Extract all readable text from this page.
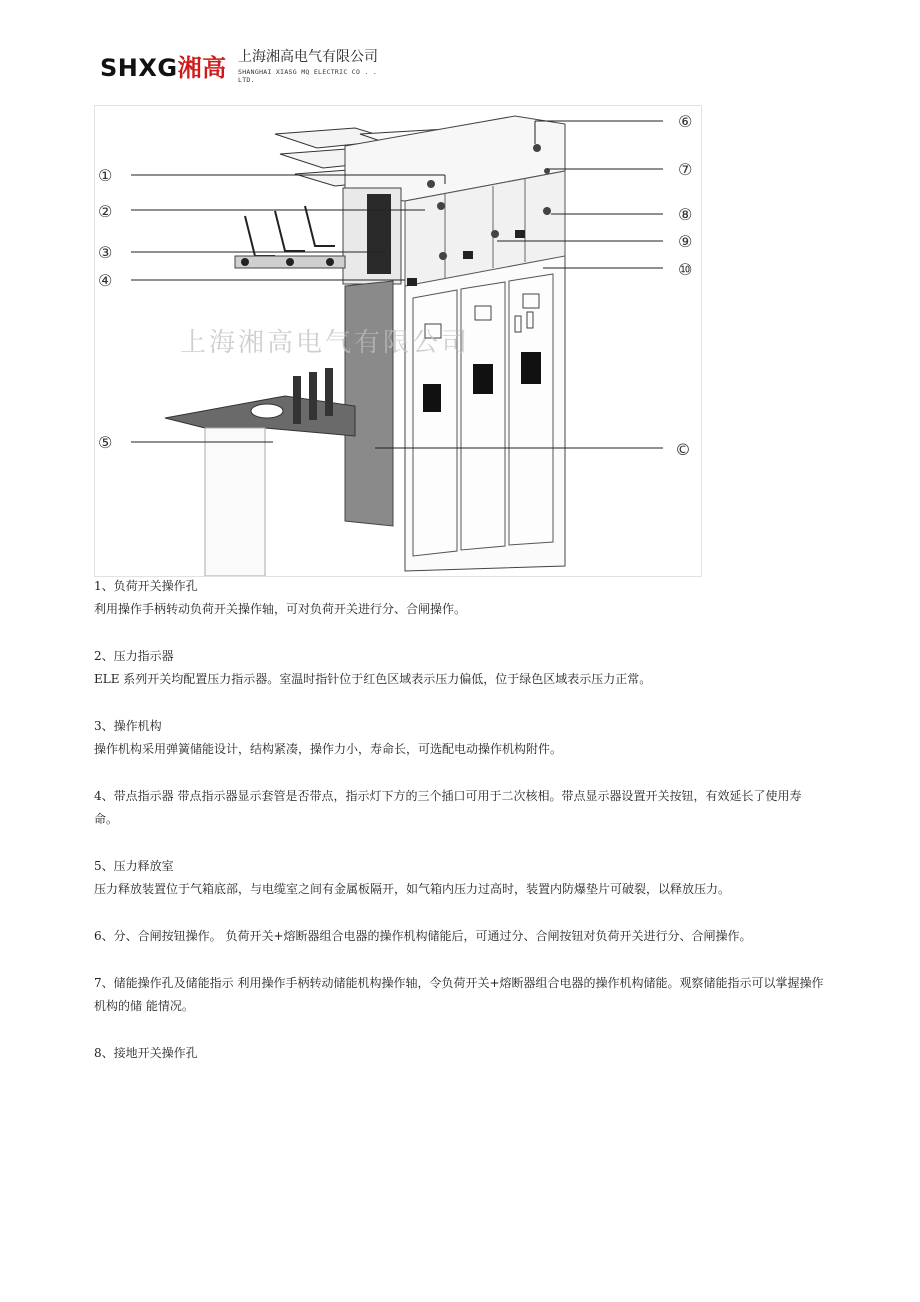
SHXG湘高 上海湘高电气有限公司
SHANGHAI XIASG MQ ELECTRIC CO . . LTD.
上海湘高电气有限公司
①
②
③
④
⑤
⑥
⑦
⑧
⑨
⑩
©
1、负荷开关操作孔
利用操作手柄转动负荷开关操作轴，可对负荷开关进行分、合闸操作。
2、压力指示器
ELE 系列开关均配置压力指示器。室温时指针位于红色区域表示压力偏低，位于绿色区域表示压力正常。
3、操作机构
操作机构采用弹簧储能设计，结构紧凑，操作力小，寿命长，可选配电动操作机构附件。
4、带点指示器 带点指示器显示套管是否带点，指示灯下方的三个插口可用于二次核相。带点显示器设置开关按钮，有效延长了使用寿 命。
5、压力释放室
压力释放装置位于气箱底部，与电缆室之间有金属板隔开，如气箱内压力过高时，装置内防爆垫片可破裂，以释放压力。
6、分、合闸按钮操作。 负荷开关+熔断器组合电器的操作机构储能后，可通过分、合闸按钮对负荷开关进行分、合闸操作。
7、储能操作孔及储能指示 利用操作手柄转动储能机构操作轴，令负荷开关+熔断器组合电器的操作机构储能。观察储能指示可以掌握操作机构的储 能情况。
8、接地开关操作孔
